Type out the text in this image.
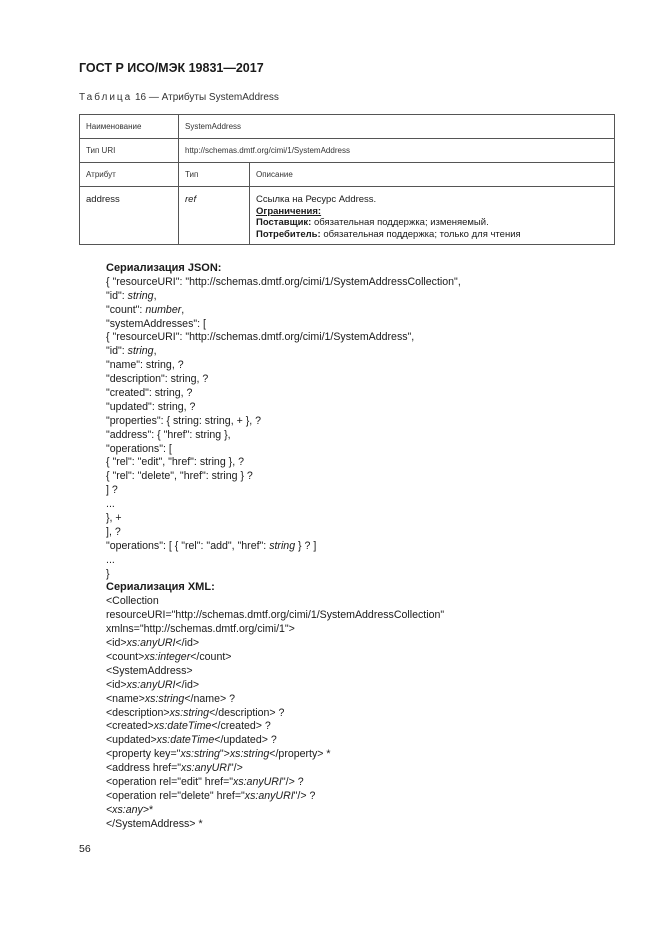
ГОСТ Р ИСО/МЭК 19831—2017
Таблица 16 — Атрибуты SystemAddress
Наименование	SystemAddress	
Тип URI	http://schemas.dmtf.org/cimi/1/SystemAddress	
Атрибут	Тип	Описание
address	ref	Ссылка на Ресурс Address.
Ограничения:
Поставщик: обязательная поддержка; изменяемый.
Потребитель: обязательная поддержка; только для чтения
Сериализация JSON:
{ "resourceURI": "http://schemas.dmtf.org/cimi/1/SystemAddressCollection",
"id": string,
"count": number,
"systemAddresses": [
{ "resourceURI": "http://schemas.dmtf.org/cimi/1/SystemAddress",
"id": string,
"name": string, ?
"description": string, ?
"created": string, ?
"updated": string, ?
"properties": { string: string, + }, ?
"address": { "href": string },
"operations": [
{ "rel": "edit", "href": string }, ?
{ "rel": "delete", "href": string } ?
] ?
...
}, +
], ?
"operations": [ { "rel": "add", "href": string } ? ]
...
}
Сериализация XML:
<Collection
resourceURI="http://schemas.dmtf.org/cimi/1/SystemAddressCollection"
xmlns="http://schemas.dmtf.org/cimi/1">
<id>xs:anyURI</id>
<count>xs:integer</count>
<SystemAddress>
<id>xs:anyURI</id>
<name>xs:string</name> ?
<description>xs:string</description> ?
<created>xs:dateTime</created> ?
<updated>xs:dateTime</updated> ?
<property key="xs:string">xs:string</property> *
<address href="xs:anyURI"/>
<operation rel="edit" href="xs:anyURI"/> ?
<operation rel="delete" href="xs:anyURI"/> ?
<xs:any>*
</SystemAddress> *
56
